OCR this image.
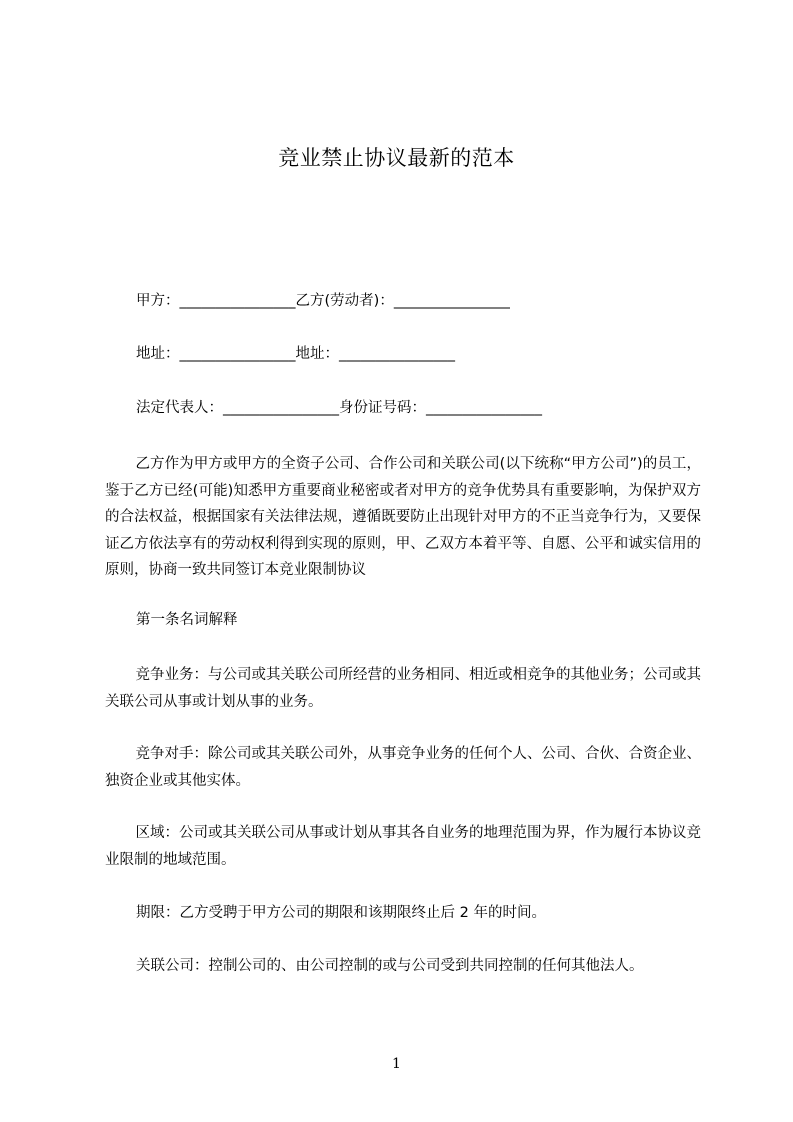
竞业禁止协议最新的范本
甲方：________________乙方(劳动者)：________________
地址：________________地址：________________
法定代表人：________________身份证号码：________________
乙方作为甲方或甲方的全资子公司、合作公司和关联公司(以下统称“甲方公司”)的员工，鉴于乙方已经(可能)知悉甲方重要商业秘密或者对甲方的竞争优势具有重要影响，为保护双方的合法权益，根据国家有关法律法规，遵循既要防止出现针对甲方的不正当竞争行为，又要保证乙方依法享有的劳动权利得到实现的原则，甲、乙双方本着平等、自愿、公平和诚实信用的原则，协商一致共同签订本竞业限制协议
第一条名词解释
竞争业务：与公司或其关联公司所经营的业务相同、相近或相竞争的其他业务；公司或其关联公司从事或计划从事的业务。
竞争对手：除公司或其关联公司外，从事竞争业务的任何个人、公司、合伙、合资企业、独资企业或其他实体。
区域：公司或其关联公司从事或计划从事其各自业务的地理范围为界，作为履行本协议竞业限制的地域范围。
期限：乙方受聘于甲方公司的期限和该期限终止后 2 年的时间。
关联公司：控制公司的、由公司控制的或与公司受到共同控制的任何其他法人。
1
